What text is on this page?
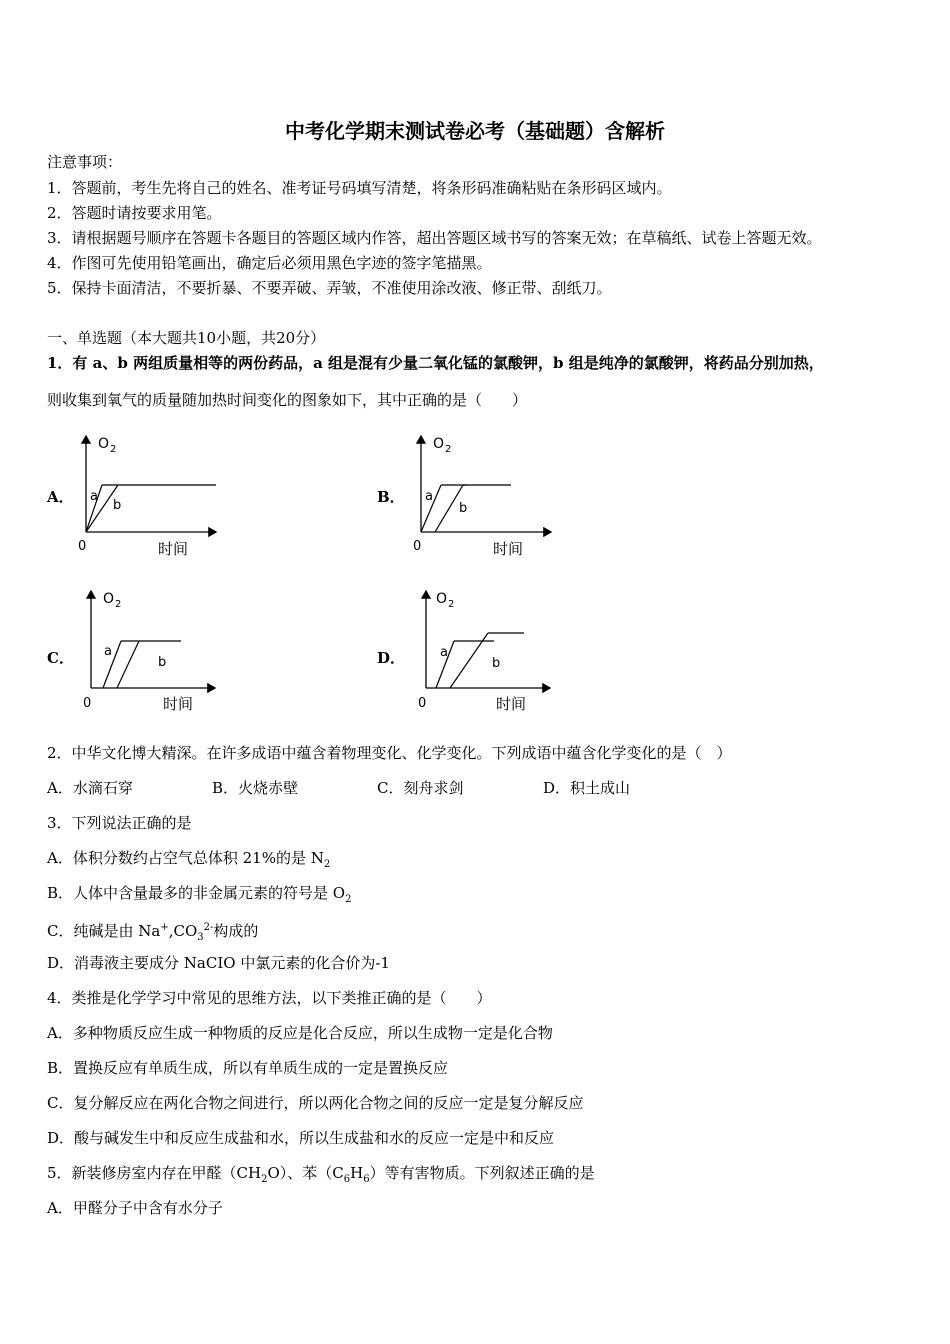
中考化学期末测试卷必考（基础题）含解析
注意事项：
1．答题前，考生先将自己的姓名、准考证号码填写清楚，将条形码准确粘贴在条形码区域内。
2．答题时请按要求用笔。
3．请根据题号顺序在答题卡各题目的答题区域内作答，超出答题区域书写的答案无效；在草稿纸、试卷上答题无效。
4．作图可先使用铅笔画出，确定后必须用黑色字迹的签字笔描黑。
5．保持卡面清洁，不要折暴、不要弄破、弄皱，不准使用涂改液、修正带、刮纸刀。
一、单选题（本大题共10小题，共20分）
1．有 a、b 两组质量相等的两份药品，a 组是混有少量二氧化锰的氯酸钾，b 组是纯净的氯酸钾，将药品分别加热，
则收集到氧气的质量随加热时间变化的图象如下，其中正确的是（　　）
A．
O 2
0	时间
a
b	B．
O 2
0	时间
a
b
C．
O 2
0	时间
a
b	D．
O 2
0	时间
a
b
2．中华文化博大精深。在许多成语中蕴含着物理变化、化学变化。下列成语中蕴含化学变化的是（　）
A．水滴石穿	B．火烧赤壁	C．刻舟求剑	D．积土成山
3．下列说法正确的是
A．体积分数约占空气总体积 21%的是 $N_2$
B．人体中含量最多的非金属元素的符号是 $O_2$
C．纯碱是由 $Na^+,CO_3^{2-}$构成的
D．消毒液主要成分 NaCIO 中氯元素的化合价为-1
4．类推是化学学习中常见的思维方法，以下类推正确的是（　　）
A．多种物质反应生成一种物质的反应是化合反应，所以生成物一定是化合物
B．置换反应有单质生成，所以有单质生成的一定是置换反应
C．复分解反应在两化合物之间进行，所以两化合物之间的反应一定是复分解反应
D．酸与碱发生中和反应生成盐和水，所以生成盐和水的反应一定是中和反应
5．新装修房室内存在甲醛$(CH_2O)$、苯$(C_6H_6)$等有害物质。下列叙述正确的是
A．甲醛分子中含有水分子
